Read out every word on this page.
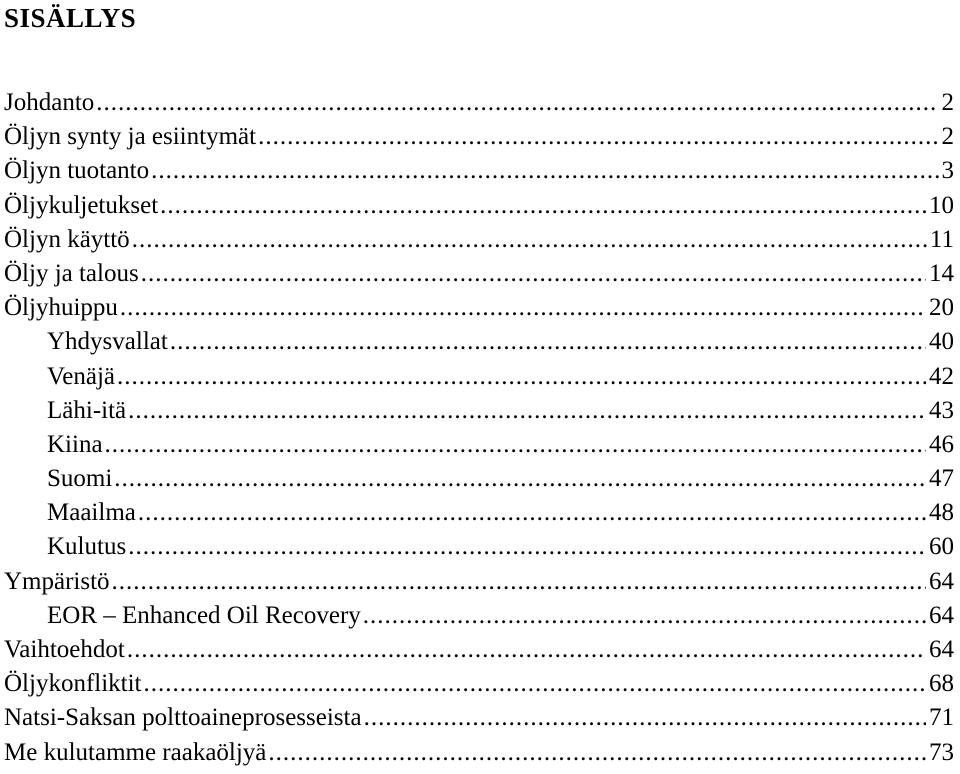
SISÄLLYS
Johdanto .....	2
Öljyn synty ja esiintymät .....	2
Öljyn tuotanto .....	3
Öljykuljetukset .....	10
Öljyn käyttö .....	11
Öljy ja talous .....	14
Öljyhuippu .....	20
Yhdysvallat .....	40
Venäjä .....	42
Lähi-itä .....	43
Kiina .....	46
Suomi .....	47
Maailma .....	48
Kulutus .....	60
Ympäristö .....	64
EOR – Enhanced Oil Recovery .....	64
Vaihtoehdot .....	64
Öljykonfliktit .....	68
Natsi-Saksan polttoaineprosesseista .....	71
Me kulutamme raakaöljyä .....	73
